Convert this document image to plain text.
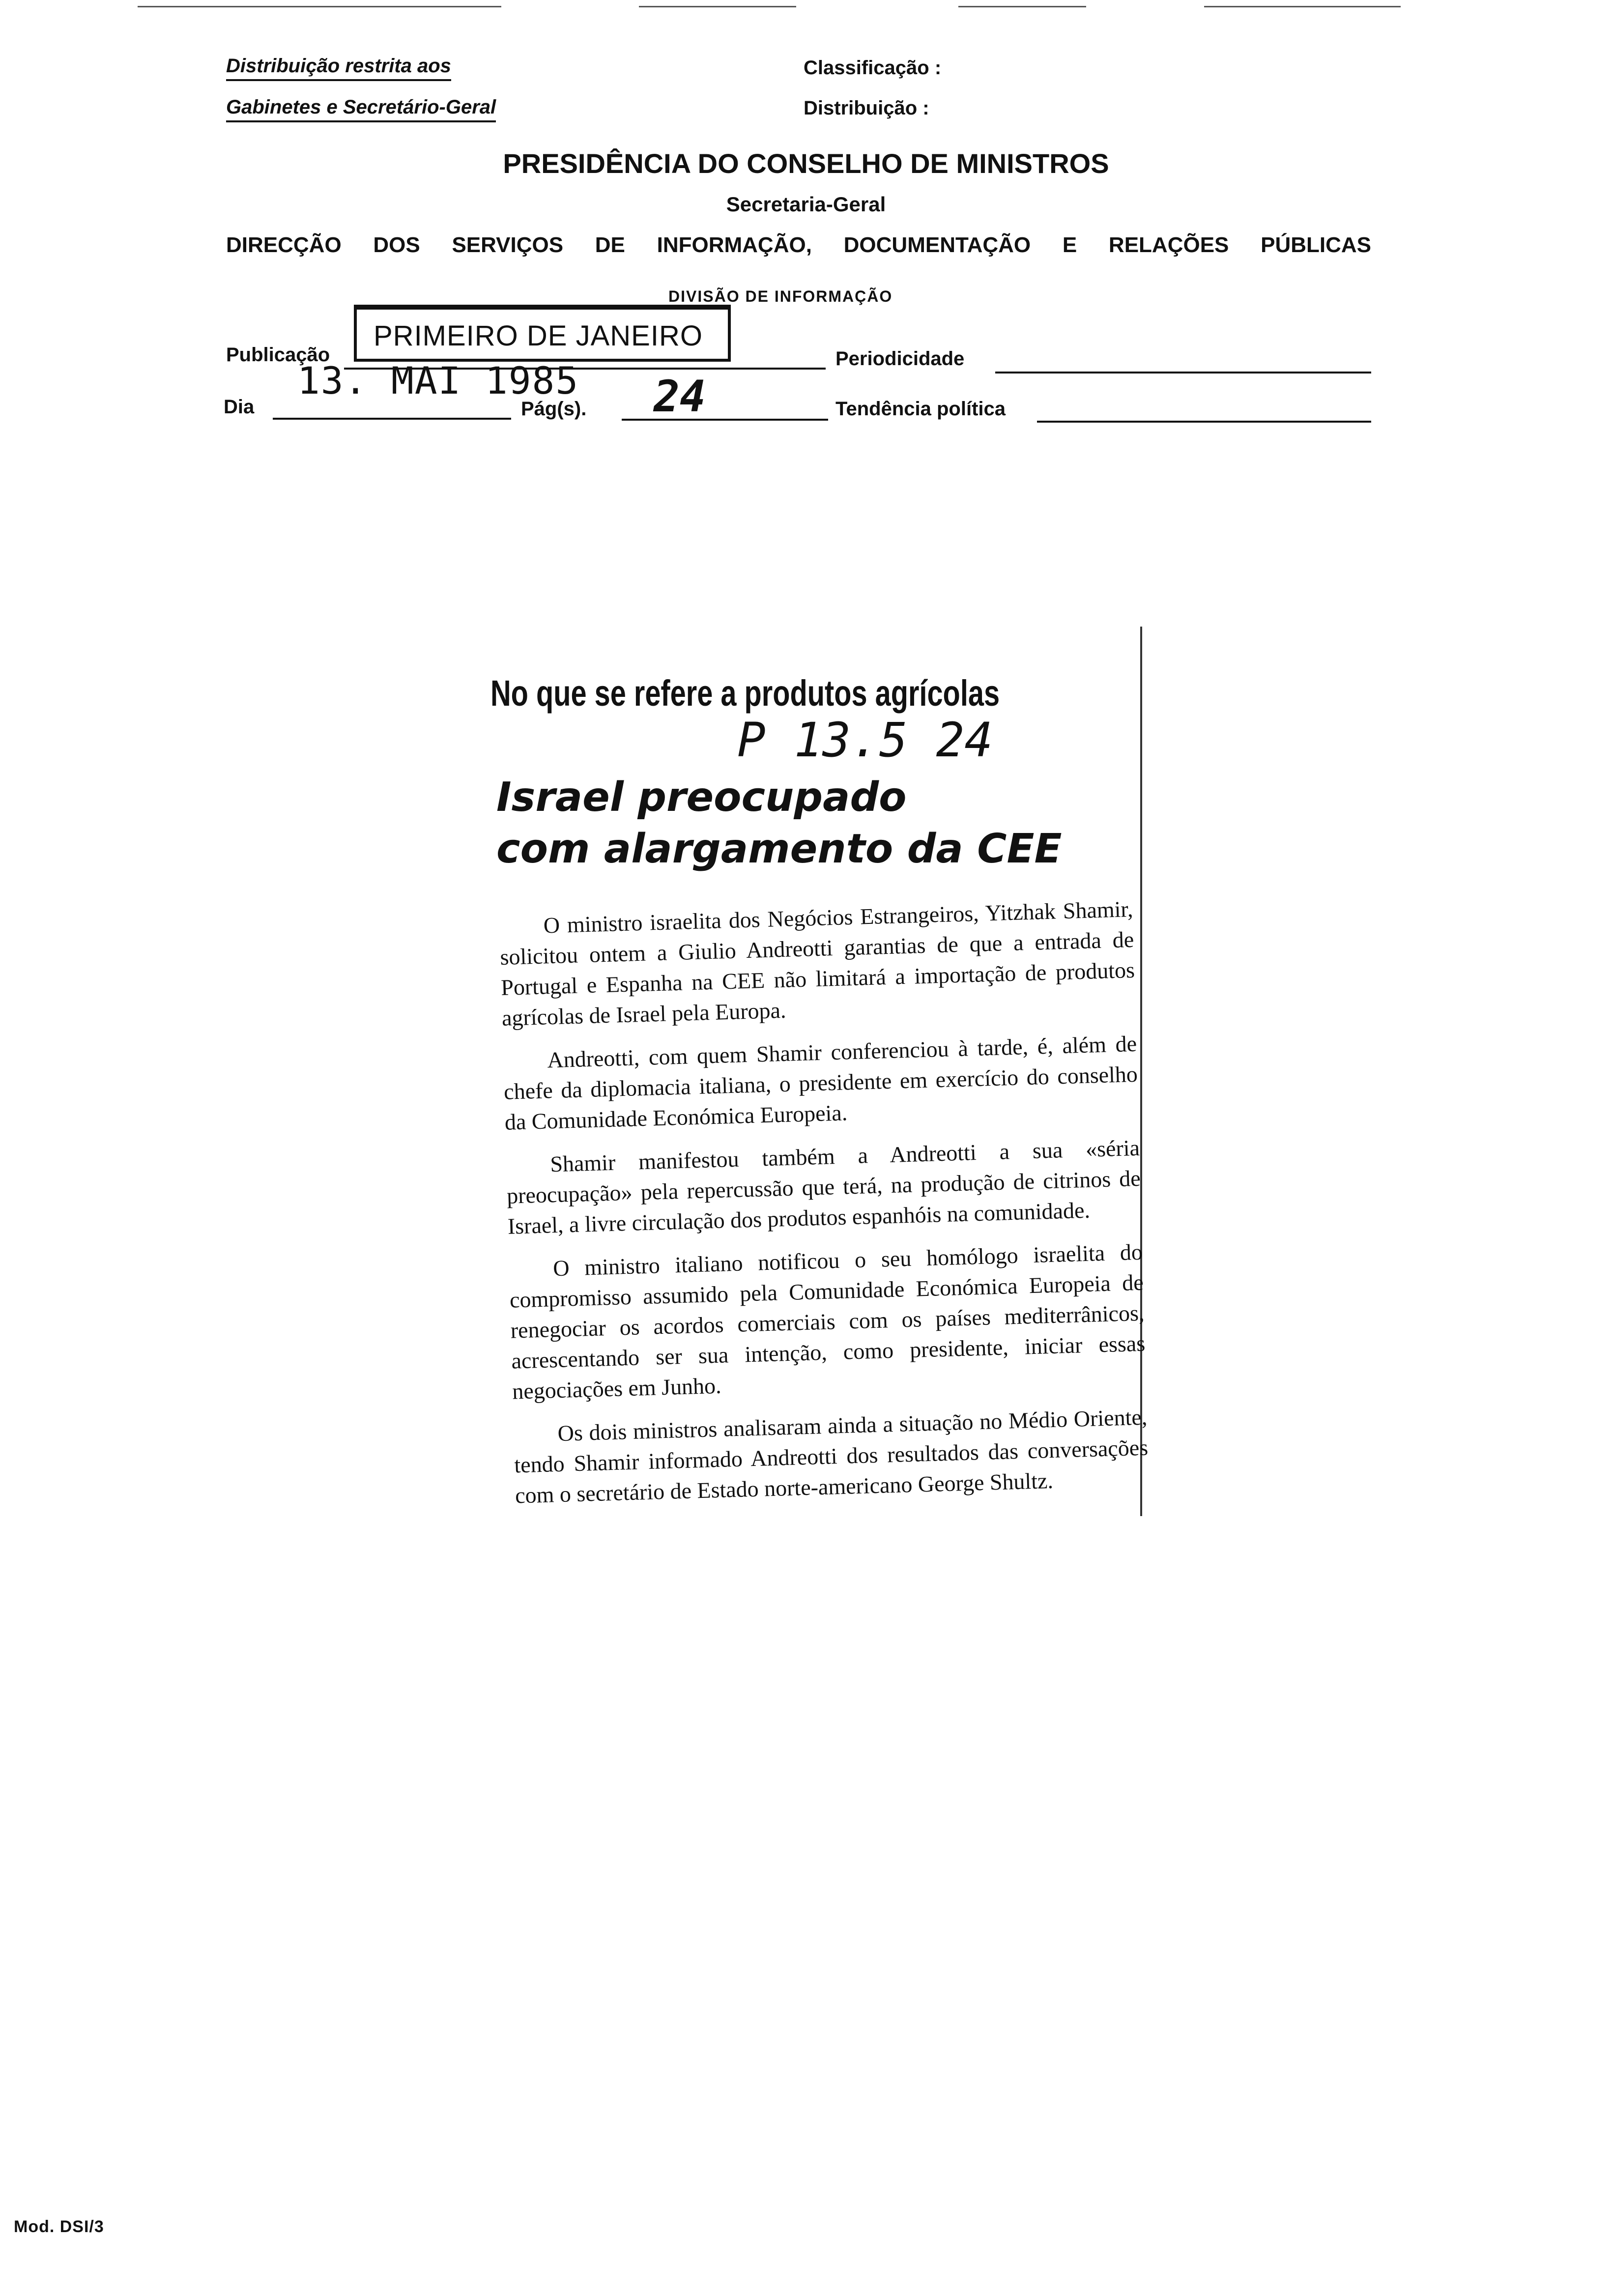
Distribuição restrita aos
Gabinetes e Secretário-Geral
Classificação :
Distribuição :
PRESIDÊNCIA DO CONSELHO DE MINISTROS
Secretaria-Geral
DIRECÇÃO DOS SERVIÇOS DE INFORMAÇÃO, DOCUMENTAÇÃO E RELAÇÕES PÚBLICAS
DIVISÃO DE INFORMAÇÃO
Publicação
PRIMEIRO DE JANEIRO
Periodicidade
Dia
13. MAI 1985
Pág(s). 24	Tendência política
No que se refere a produtos agrícolas
P 13.5 24
Israel preocupado
com alargamento da CEE

O ministro israelita dos Negócios Estrangeiros, Yitzhak Shamir, solicitou ontem a Giulio Andreotti garantias de que a entrada de Portugal e Espanha na CEE não limitará a importação de produtos agrícolas de Israel pela Europa.

Andreotti, com quem Shamir conferenciou à tarde, é, além de chefe da diplomacia italiana, o presidente em exercício do conselho da Comunidade Económica Europeia.

Shamir manifestou também a Andreotti a sua «séria preocupação» pela repercussão que terá, na produção de citrinos de Israel, a livre circulação dos produtos espanhóis na comunidade.

O ministro italiano notificou o seu homólogo israelita do compromisso assumido pela Comunidade Económica Europeia de renegociar os acordos comerciais com os países mediterrânicos, acrescentando ser sua intenção, como presidente, iniciar essas negociações em Junho.

Os dois ministros analisaram ainda a situação no Médio Oriente, tendo Shamir informado Andreotti dos resultados das conversações com o secretário de Estado norte-americano George Shultz.

Mod. DSI/3
